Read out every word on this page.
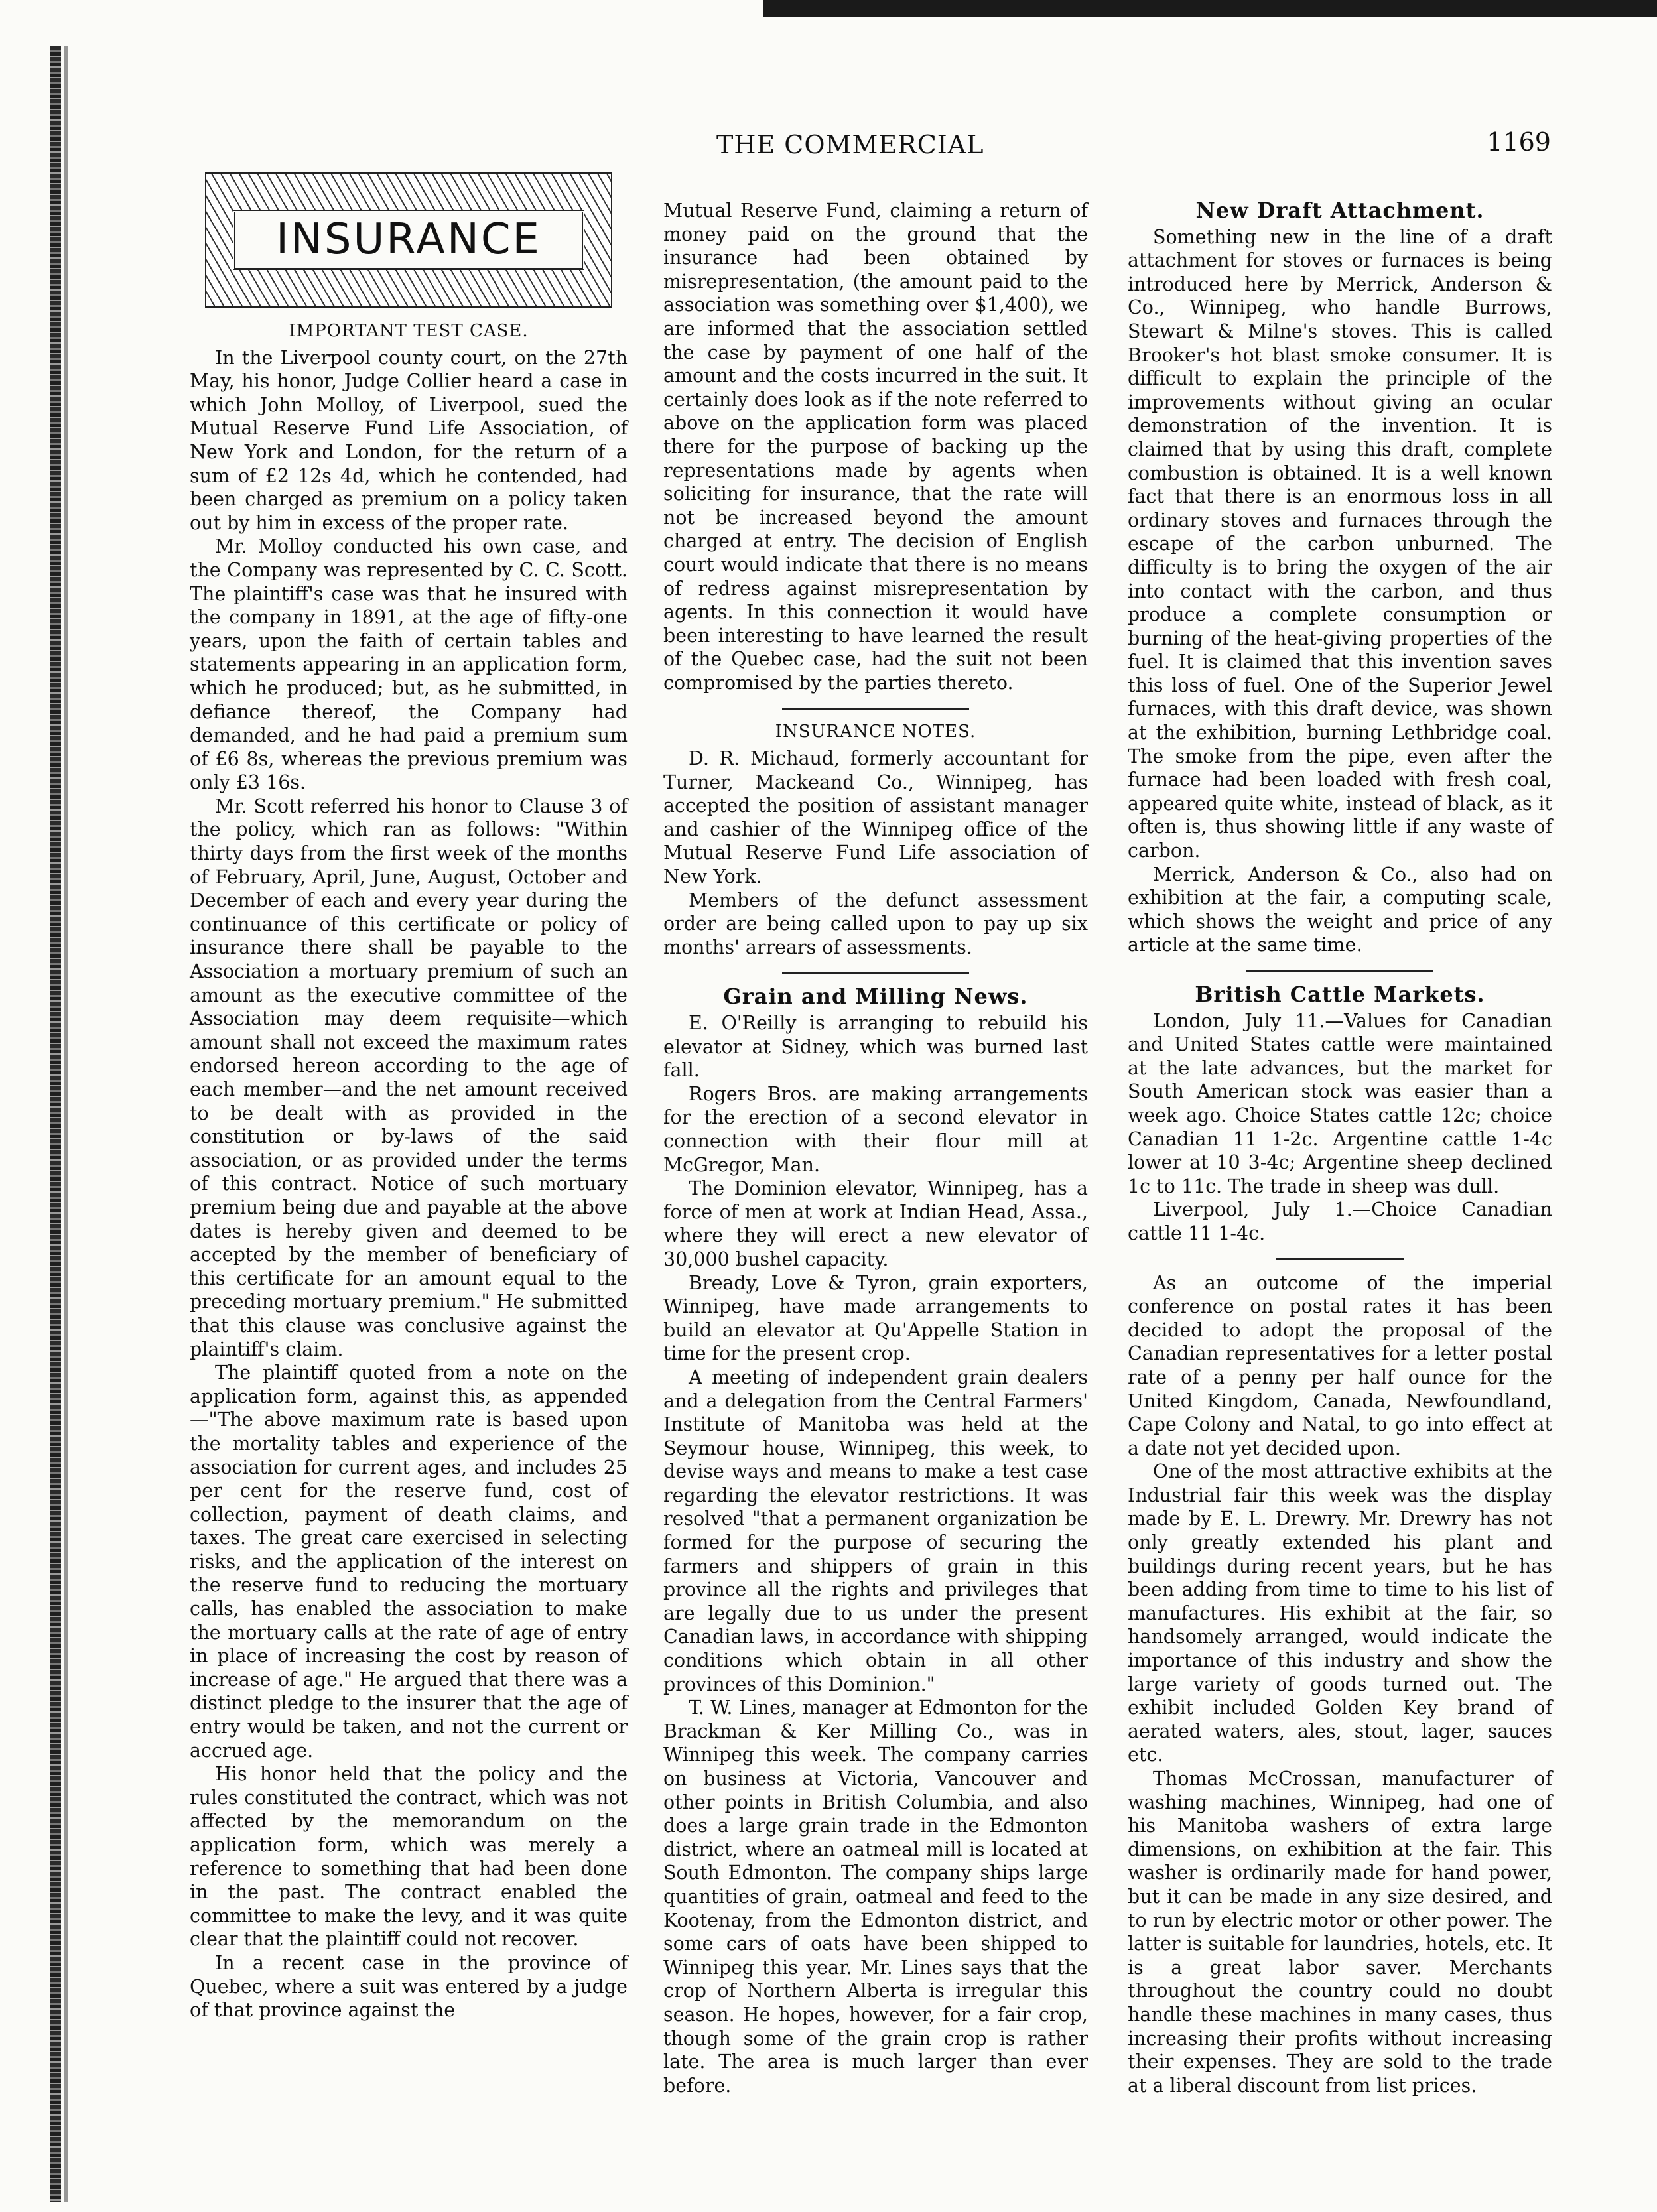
THE COMMERCIAL	1169
INSURANCE
IMPORTANT TEST CASE.

In the Liverpool county court, on the 27th May, his honor, Judge Collier heard a case in which John Molloy, of Liverpool, sued the Mutual Reserve Fund Life Association, of New York and London, for the return of a sum of £2 12s 4d, which he contended, had been charged as premium on a policy taken out by him in excess of the proper rate.

Mr. Molloy conducted his own case, and the Company was represented by C. C. Scott. The plaintiff's case was that he insured with the company in 1891, at the age of fifty-one years, upon the faith of certain tables and statements appearing in an application form, which he produced; but, as he submitted, in defiance thereof, the Company had demanded, and he had paid a premium sum of £6 8s, whereas the previous premium was only £3 16s.

Mr. Scott referred his honor to Clause 3 of the policy, which ran as follows: "Within thirty days from the first week of the months of February, April, June, August, October and December of each and every year during the continuance of this certificate or policy of insurance there shall be payable to the Association a mortuary premium of such an amount as the executive committee of the Association may deem requisite—which amount shall not exceed the maximum rates endorsed hereon according to the age of each member—and the net amount received to be dealt with as provided in the constitution or by-laws of the said association, or as provided under the terms of this contract. Notice of such mortuary premium being due and payable at the above dates is hereby given and deemed to be accepted by the member of beneficiary of this certificate for an amount equal to the preceding mortuary premium." He submitted that this clause was conclusive against the plaintiff's claim.

The plaintiff quoted from a note on the application form, against this, as appended—"The above maximum rate is based upon the mortality tables and experience of the association for current ages, and includes 25 per cent for the reserve fund, cost of collection, payment of death claims, and taxes. The great care exercised in selecting risks, and the application of the interest on the reserve fund to reducing the mortuary calls, has enabled the association to make the mortuary calls at the rate of age of entry in place of increasing the cost by reason of increase of age." He argued that there was a distinct pledge to the insurer that the age of entry would be taken, and not the current or accrued age.

His honor held that the policy and the rules constituted the contract, which was not affected by the memorandum on the application form, which was merely a reference to something that had been done in the past. The contract enabled the committee to make the levy, and it was quite clear that the plaintiff could not recover.

In a recent case in the province of Quebec, where a suit was entered by a judge of that province against the

Mutual Reserve Fund, claiming a return of money paid on the ground that the insurance had been obtained by misrepresentation, (the amount paid to the association was something over $1,400), we are informed that the association settled the case by payment of one half of the amount and the costs incurred in the suit. It certainly does look as if the note referred to above on the application form was placed there for the purpose of backing up the representations made by agents when soliciting for insurance, that the rate will not be increased beyond the amount charged at entry. The decision of English court would indicate that there is no means of redress against misrepresentation by agents. In this connection it would have been interesting to have learned the result of the Quebec case, had the suit not been compromised by the parties thereto.

INSURANCE NOTES.

D. R. Michaud, formerly accountant for Turner, Mackeand Co., Winnipeg, has accepted the position of assistant manager and cashier of the Winnipeg office of the Mutual Reserve Fund Life association of New York.

Members of the defunct assessment order are being called upon to pay up six months' arrears of assessments.

Grain and Milling News.

E. O'Reilly is arranging to rebuild his elevator at Sidney, which was burned last fall.

Rogers Bros. are making arrangements for the erection of a second elevator in connection with their flour mill at McGregor, Man.

The Dominion elevator, Winnipeg, has a force of men at work at Indian Head, Assa., where they will erect a new elevator of 30,000 bushel capacity.

Bready, Love & Tyron, grain exporters, Winnipeg, have made arrangements to build an elevator at Qu'Appelle Station in time for the present crop.

A meeting of independent grain dealers and a delegation from the Central Farmers' Institute of Manitoba was held at the Seymour house, Winnipeg, this week, to devise ways and means to make a test case regarding the elevator restrictions. It was resolved "that a permanent organization be formed for the purpose of securing the farmers and shippers of grain in this province all the rights and privileges that are legally due to us under the present Canadian laws, in accordance with shipping conditions which obtain in all other provinces of this Dominion."

T. W. Lines, manager at Edmonton for the Brackman & Ker Milling Co., was in Winnipeg this week. The company carries on business at Victoria, Vancouver and other points in British Columbia, and also does a large grain trade in the Edmonton district, where an oatmeal mill is located at South Edmonton. The company ships large quantities of grain, oatmeal and feed to the Kootenay, from the Edmonton district, and some cars of oats have been shipped to Winnipeg this year. Mr. Lines says that the crop of Northern Alberta is irregular this season. He hopes, however, for a fair crop, though some of the grain crop is rather late. The area is much larger than ever before.

New Draft Attachment.

Something new in the line of a draft attachment for stoves or furnaces is being introduced here by Merrick, Anderson & Co., Winnipeg, who handle Burrows, Stewart & Milne's stoves. This is called Brooker's hot blast smoke consumer. It is difficult to explain the principle of the improvements without giving an ocular demonstration of the invention. It is claimed that by using this draft, complete combustion is obtained. It is a well known fact that there is an enormous loss in all ordinary stoves and furnaces through the escape of the carbon unburned. The difficulty is to bring the oxygen of the air into contact with the carbon, and thus produce a complete consumption or burning of the heat-giving properties of the fuel. It is claimed that this invention saves this loss of fuel. One of the Superior Jewel furnaces, with this draft device, was shown at the exhibition, burning Lethbridge coal. The smoke from the pipe, even after the furnace had been loaded with fresh coal, appeared quite white, instead of black, as it often is, thus showing little if any waste of carbon.

Merrick, Anderson & Co., also had on exhibition at the fair, a computing scale, which shows the weight and price of any article at the same time.

British Cattle Markets.

London, July 11.—Values for Canadian and United States cattle were maintained at the late advances, but the market for South American stock was easier than a week ago. Choice States cattle 12c; choice Canadian 11 1-2c. Argentine cattle 1-4c lower at 10 3-4c; Argentine sheep declined 1c to 11c. The trade in sheep was dull.

Liverpool, July 1.—Choice Canadian cattle 11 1-4c.

As an outcome of the imperial conference on postal rates it has been decided to adopt the proposal of the Canadian representatives for a letter postal rate of a penny per half ounce for the United Kingdom, Canada, Newfoundland, Cape Colony and Natal, to go into effect at a date not yet decided upon.

One of the most attractive exhibits at the Industrial fair this week was the display made by E. L. Drewry. Mr. Drewry has not only greatly extended his plant and buildings during recent years, but he has been adding from time to time to his list of manufactures. His exhibit at the fair, so handsomely arranged, would indicate the importance of this industry and show the large variety of goods turned out. The exhibit included Golden Key brand of aerated waters, ales, stout, lager, sauces etc.

Thomas McCrossan, manufacturer of washing machines, Winnipeg, had one of his Manitoba washers of extra large dimensions, on exhibition at the fair. This washer is ordinarily made for hand power, but it can be made in any size desired, and to run by electric motor or other power. The latter is suitable for laundries, hotels, etc. It is a great labor saver. Merchants throughout the country could no doubt handle these machines in many cases, thus increasing their profits without increasing their expenses. They are sold to the trade at a liberal discount from list prices.
